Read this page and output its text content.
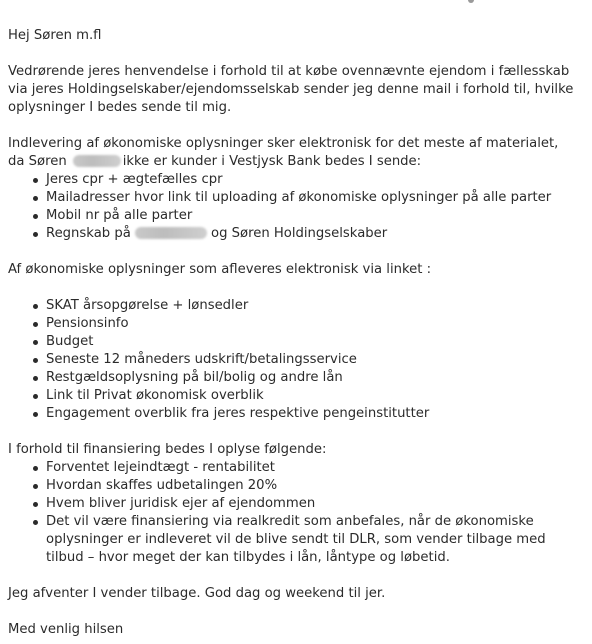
Hej Søren m.fl

Vedrørende jeres henvendelse i forhold til at købe ovennævnte ejendom i fællesskab via jeres Holdingselskaber/ejendomsselskab sender jeg denne mail i forhold til, hvilke oplysninger I bedes sende til mig.

Indlevering af økonomiske oplysninger sker elektronisk for det meste af materialet,

da Søren	ikke er kunder i Vestjysk Bank bedes I sende:

Jeres cpr + ægtefælles cpr
Mailadresser hvor link til uploading af økonomiske oplysninger på alle parter
Mobil nr på alle parter
Regnskab på	og Søren Holdingselskaber

Af økonomiske oplysninger som afleveres elektronisk via linket :

SKAT årsopgørelse + lønsedler
Pensionsinfo
Budget
Seneste 12 måneders udskrift/betalingsservice
Restgældsoplysning på bil/bolig og andre lån
Link til Privat økonomisk overblik
Engagement overblik fra jeres respektive pengeinstitutter

I forhold til finansiering bedes I oplyse følgende:

Forventet lejeindtægt - rentabilitet
Hvordan skaffes udbetalingen 20%
Hvem bliver juridisk ejer af ejendommen
Det vil være finansiering via realkredit som anbefales, når de økonomiske
oplysninger er indleveret vil de blive sendt til DLR, som vender tilbage med
tilbud – hvor meget der kan tilbydes i lån, låntype og løbetid.

Jeg afventer I vender tilbage. God dag og weekend til jer.

Med venlig hilsen
